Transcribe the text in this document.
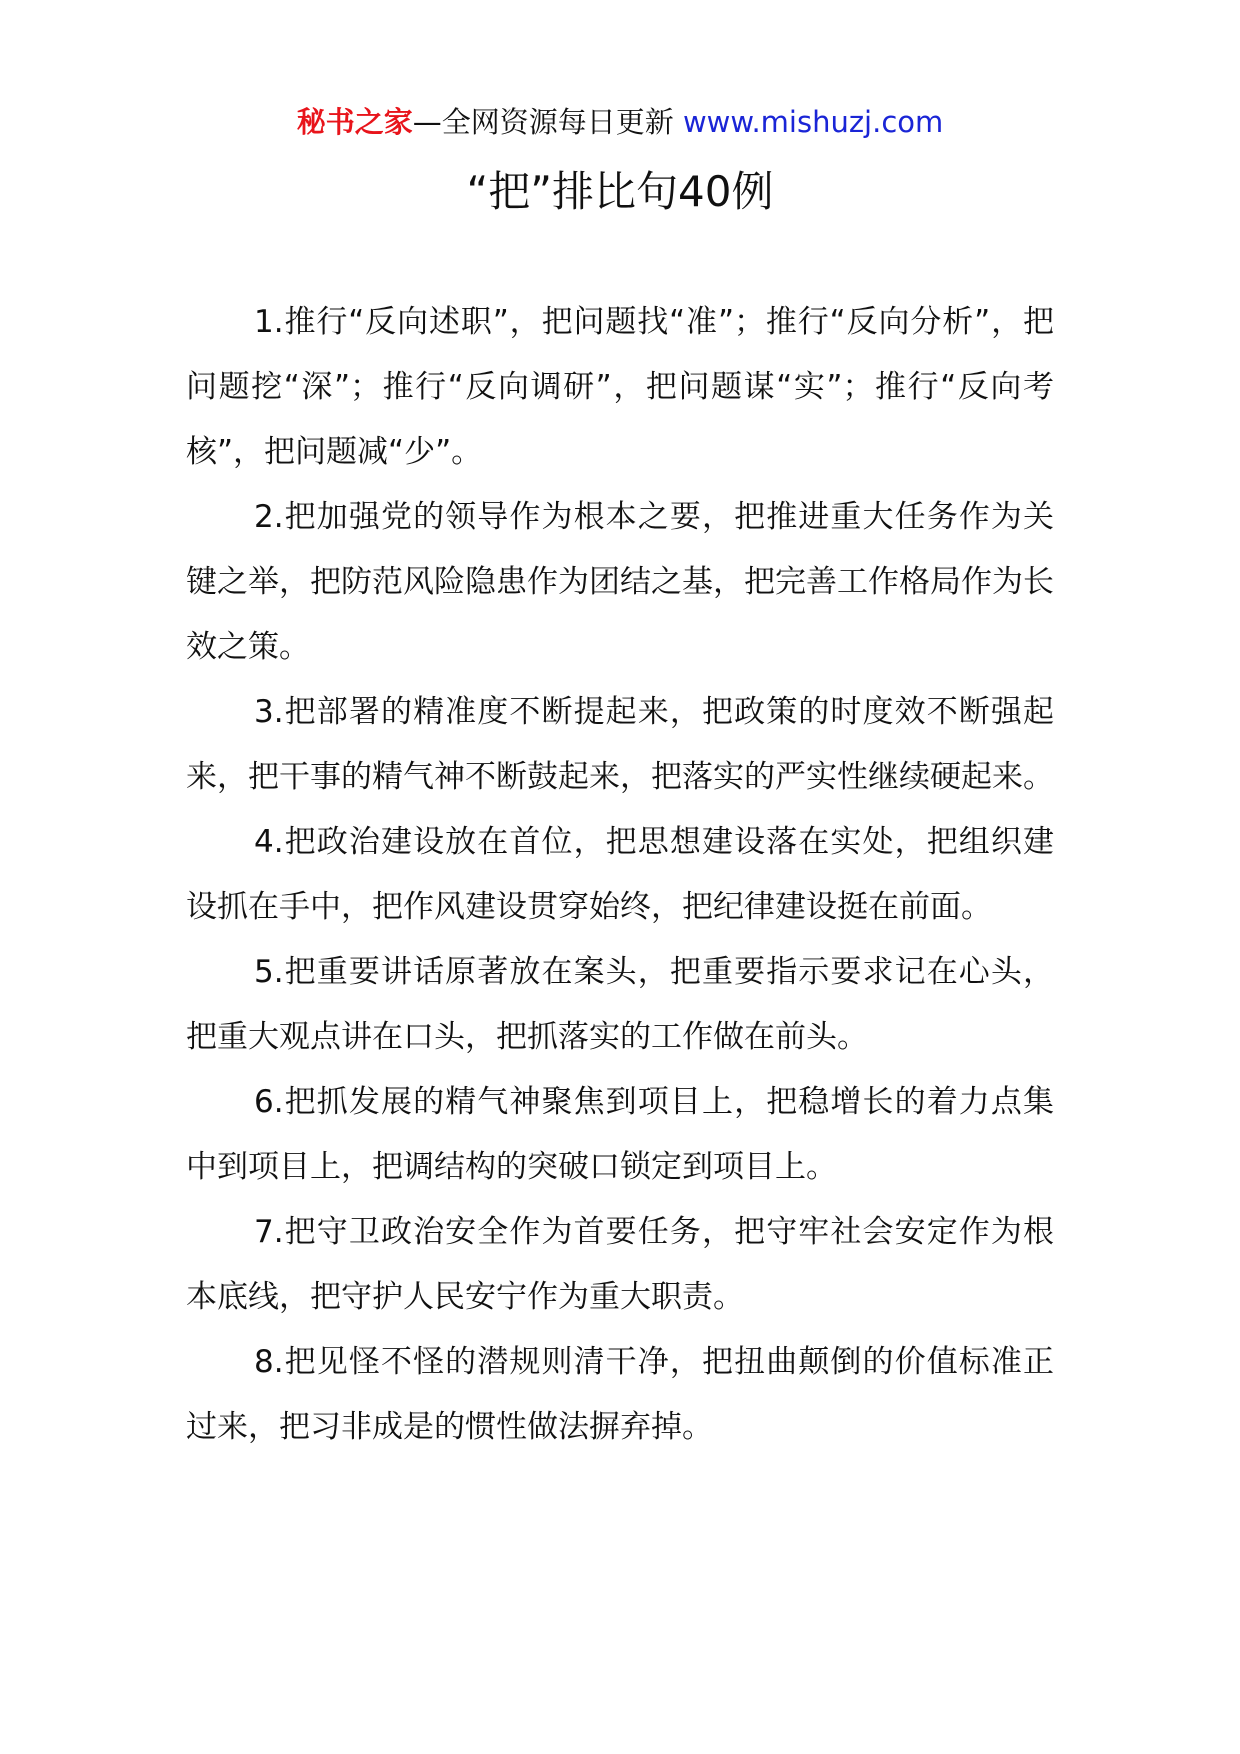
秘书之家—全网资源每日更新 www.mishuzj.com
“把”排比句40例

1.推行“反向述职”，把问题找“准”；推行“反向分析”，把问题挖“深”；推行“反向调研”，把问题谋“实”；推行“反向考核”，把问题减“少”。

2.把加强党的领导作为根本之要，把推进重大任务作为关键之举，把防范风险隐患作为团结之基，把完善工作格局作为长效之策。

3.把部署的精准度不断提起来，把政策的时度效不断强起来，把干事的精气神不断鼓起来，把落实的严实性继续硬起来。

4.把政治建设放在首位，把思想建设落在实处，把组织建设抓在手中，把作风建设贯穿始终，把纪律建设挺在前面。

5.把重要讲话原著放在案头，把重要指示要求记在心头，把重大观点讲在口头，把抓落实的工作做在前头。

6.把抓发展的精气神聚焦到项目上，把稳增长的着力点集中到项目上，把调结构的突破口锁定到项目上。

7.把守卫政治安全作为首要任务，把守牢社会安定作为根本底线，把守护人民安宁作为重大职责。

8.把见怪不怪的潜规则清干净，把扭曲颠倒的价值标准正过来，把习非成是的惯性做法摒弃掉。
